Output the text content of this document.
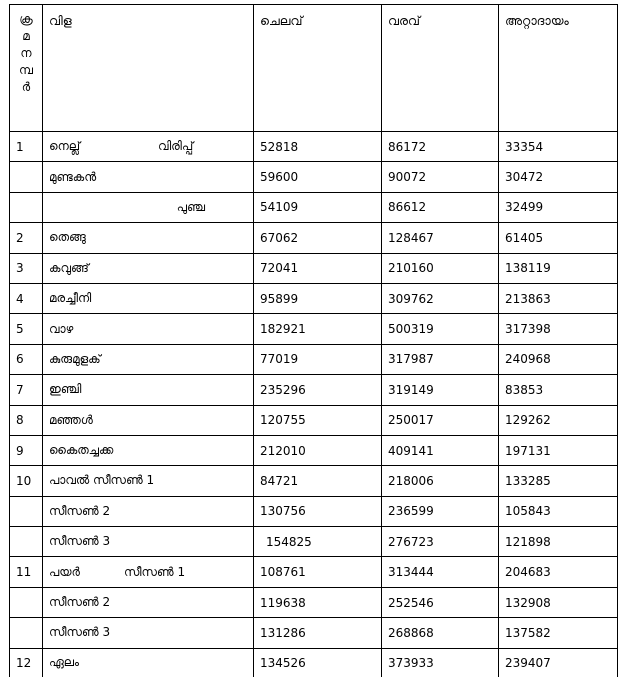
ക്ര
മ
ന
മ്പ
ർ	വിള	ചെലവ്	വരവ്	അറ്റാദായം
1	നെല്ല് വിരിപ്പ്	52818	86172	33354
	മുണ്ടകൻ	59600	90072	30472
	പുഞ്ച	54109	86612	32499
2	തെങ്ങു	67062	128467	61405
3	കവുങ്ങ്	72041	210160	138119
4	മരച്ചീനി	95899	309762	213863
5	വാഴ	182921	500319	317398
6	കുരുമുളക്	77019	317987	240968
7	ഇഞ്ചി	235296	319149	83853
8	മഞ്ഞൾ	120755	250017	129262
9	കൈതച്ചക്ക	212010	409141	197131
10	പാവൽ സീസൺ 1	84721	218006	133285
	സീസൺ 2	130756	236599	105843
	സീസൺ 3	154825	276723	121898
11	പയർ സീസൺ 1	108761	313444	204683
	സീസൺ 2	119638	252546	132908
	സീസൺ 3	131286	268868	137582
12	ഏലം	134526	373933	239407
